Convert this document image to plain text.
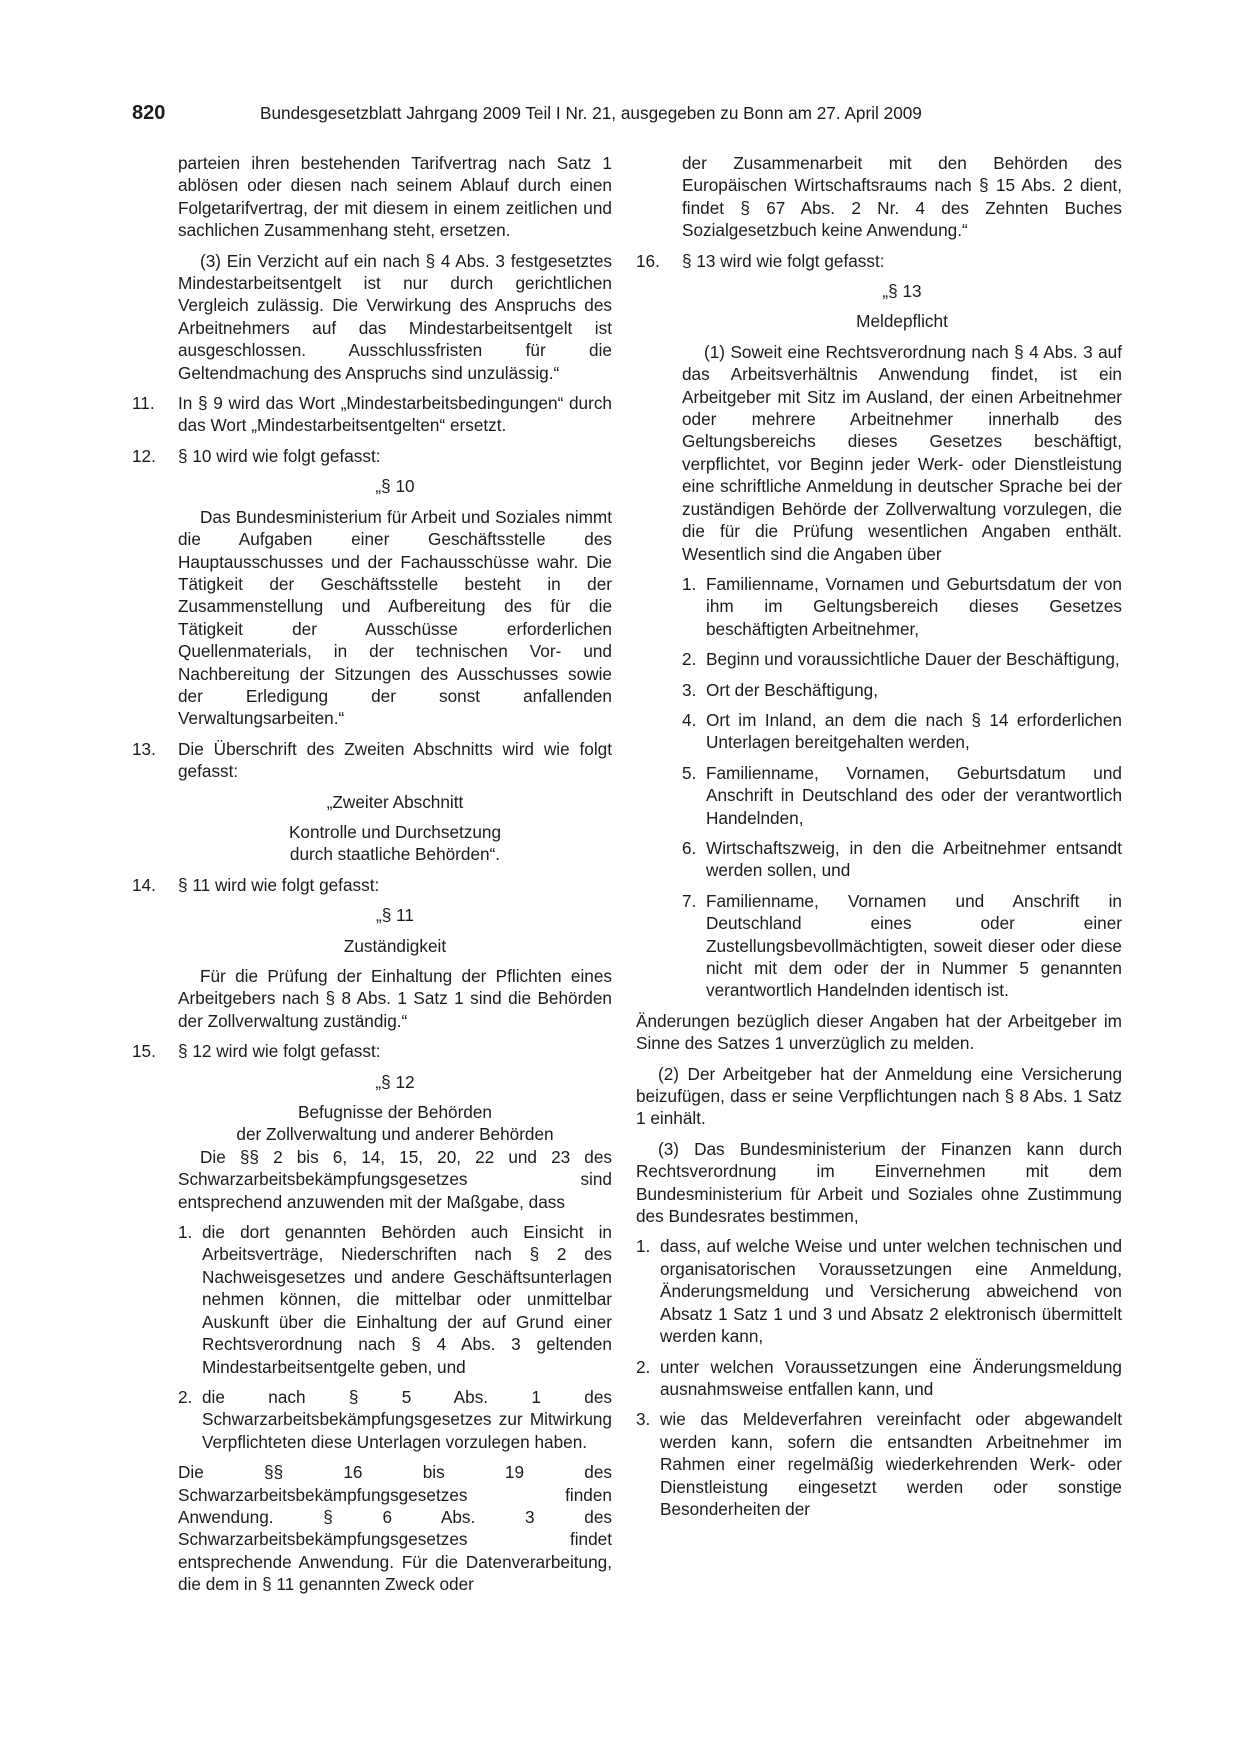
820	Bundesgesetzblatt Jahrgang 2009 Teil I Nr. 21, ausgegeben zu Bonn am 27. April 2009

parteien ihren bestehenden Tarifvertrag nach Satz 1 ablösen oder diesen nach seinem Ablauf durch einen Folgetarifvertrag, der mit diesem in einem zeitlichen und sachlichen Zusammenhang steht, ersetzen.

(3) Ein Verzicht auf ein nach § 4 Abs. 3 festgesetztes Mindestarbeitsentgelt ist nur durch gerichtlichen Vergleich zulässig. Die Verwirkung des Anspruchs des Arbeitnehmers auf das Mindestarbeitsentgelt ist ausgeschlossen. Ausschlussfristen für die Geltendmachung des Anspruchs sind unzulässig.“

11.	In § 9 wird das Wort „Mindestarbeitsbedingungen“ durch das Wort „Mindestarbeitsentgelten“ ersetzt.

12.	§ 10 wird wie folgt gefasst:

„§ 10

Das Bundesministerium für Arbeit und Soziales nimmt die Aufgaben einer Geschäftsstelle des Hauptausschusses und der Fachausschüsse wahr. Die Tätigkeit der Geschäftsstelle besteht in der Zusammenstellung und Aufbereitung des für die Tätigkeit der Ausschüsse erforderlichen Quellenmaterials, in der technischen Vor- und Nachbereitung der Sitzungen des Ausschusses sowie der Erledigung der sonst anfallenden Verwaltungsarbeiten.“

13.	Die Überschrift des Zweiten Abschnitts wird wie folgt gefasst:

„Zweiter Abschnitt

Kontrolle und Durchsetzung

durch staatliche Behörden“.

14.	§ 11 wird wie folgt gefasst:

„§ 11

Zuständigkeit

Für die Prüfung der Einhaltung der Pflichten eines Arbeitgebers nach § 8 Abs. 1 Satz 1 sind die Behörden der Zollverwaltung zuständig.“

15.	§ 12 wird wie folgt gefasst:

„§ 12

Befugnisse der Behörden

der Zollverwaltung und anderer Behörden

Die §§ 2 bis 6, 14, 15, 20, 22 und 23 des Schwarzarbeitsbekämpfungsgesetzes sind entsprechend anzuwenden mit der Maßgabe, dass

1. die dort genannten Behörden auch Einsicht in Arbeitsverträge, Niederschriften nach § 2 des Nachweisgesetzes und andere Geschäftsunterlagen nehmen können, die mittelbar oder unmittelbar Auskunft über die Einhaltung der auf Grund einer Rechtsverordnung nach § 4 Abs. 3 geltenden Mindestarbeitsentgelte geben, und

2. die nach § 5 Abs. 1 des Schwarzarbeitsbekämpfungsgesetzes zur Mitwirkung Verpflichteten diese Unterlagen vorzulegen haben.

Die §§ 16 bis 19 des Schwarzarbeitsbekämpfungsgesetzes finden Anwendung. § 6 Abs. 3 des Schwarzarbeitsbekämpfungsgesetzes findet entsprechende Anwendung. Für die Datenverarbeitung, die dem in § 11 genannten Zweck oder

der Zusammenarbeit mit den Behörden des Europäischen Wirtschaftsraums nach § 15 Abs. 2 dient, findet § 67 Abs. 2 Nr. 4 des Zehnten Buches Sozialgesetzbuch keine Anwendung.“

16.	§ 13 wird wie folgt gefasst:

„§ 13

Meldepflicht

(1) Soweit eine Rechtsverordnung nach § 4 Abs. 3 auf das Arbeitsverhältnis Anwendung findet, ist ein Arbeitgeber mit Sitz im Ausland, der einen Arbeitnehmer oder mehrere Arbeitnehmer innerhalb des Geltungsbereichs dieses Gesetzes beschäftigt, verpflichtet, vor Beginn jeder Werk- oder Dienstleistung eine schriftliche Anmeldung in deutscher Sprache bei der zuständigen Behörde der Zollverwaltung vorzulegen, die die für die Prüfung wesentlichen Angaben enthält. Wesentlich sind die Angaben über

1. Familienname, Vornamen und Geburtsdatum der von ihm im Geltungsbereich dieses Gesetzes beschäftigten Arbeitnehmer,

2. Beginn und voraussichtliche Dauer der Beschäftigung,

3. Ort der Beschäftigung,

4. Ort im Inland, an dem die nach § 14 erforderlichen Unterlagen bereitgehalten werden,

5. Familienname, Vornamen, Geburtsdatum und Anschrift in Deutschland des oder der verantwortlich Handelnden,

6. Wirtschaftszweig, in den die Arbeitnehmer entsandt werden sollen, und

7. Familienname, Vornamen und Anschrift in Deutschland eines oder einer Zustellungsbevollmächtigten, soweit dieser oder diese nicht mit dem oder der in Nummer 5 genannten verantwortlich Handelnden identisch ist.

Änderungen bezüglich dieser Angaben hat der Arbeitgeber im Sinne des Satzes 1 unverzüglich zu melden.

(2) Der Arbeitgeber hat der Anmeldung eine Versicherung beizufügen, dass er seine Verpflichtungen nach § 8 Abs. 1 Satz 1 einhält.

(3) Das Bundesministerium der Finanzen kann durch Rechtsverordnung im Einvernehmen mit dem Bundesministerium für Arbeit und Soziales ohne Zustimmung des Bundesrates bestimmen,

1. dass, auf welche Weise und unter welchen technischen und organisatorischen Voraussetzungen eine Anmeldung, Änderungsmeldung und Versicherung abweichend von Absatz 1 Satz 1 und 3 und Absatz 2 elektronisch übermittelt werden kann,

2. unter welchen Voraussetzungen eine Änderungsmeldung ausnahmsweise entfallen kann, und

3. wie das Meldeverfahren vereinfacht oder abgewandelt werden kann, sofern die entsandten Arbeitnehmer im Rahmen einer regelmäßig wiederkehrenden Werk- oder Dienstleistung eingesetzt werden oder sonstige Besonderheiten der
